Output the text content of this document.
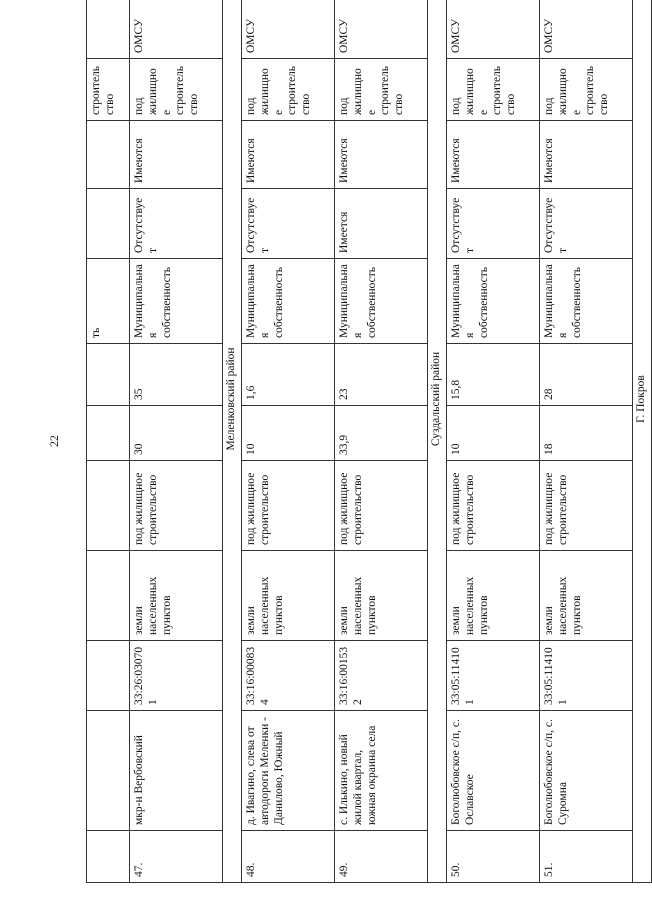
22
							ть			строительство		
47.	мкр-н Вербовский	33:26:030701	земли населенных пунктов	под жилищное строительство	30	35	Муниципальная собственность	Отсутствует	Имеются	под жилищное строительство	ОМСУ	
Меленковский район												
48.	д. Ивагино, слева от автодороги Меленки - Данилово, Южный	33:16:000834	земли населенных пунктов	под жилищное строительство	10	1,6	Муниципальная собственность	Отсутствует	Имеются	под жилищное строительство	ОМСУ	
49.	с. Илькино, новый жилой квартал, южная окраина села	33:16:001532	земли населенных пунктов	под жилищное строительство	33,9	23	Муниципальная собственность	Имеется	Имеются	под жилищное строительство	ОМСУ	
Суздальский район												
50.	Боголюбовское с/п, с. Ославское	33:05:114101	земли населенных пунктов	под жилищное строительство	10	15,8	Муниципальная собственность	Отсутствует	Имеются	под жилищное строительство	ОМСУ	
51.	Боголюбовское с/п, с. Суромна	33:05:114101	земли населенных пунктов	под жилищное строительство	18	28	Муниципальная собственность	Отсутствует	Имеются	под жилищное строительство	ОМСУ	
Г. Покров												
